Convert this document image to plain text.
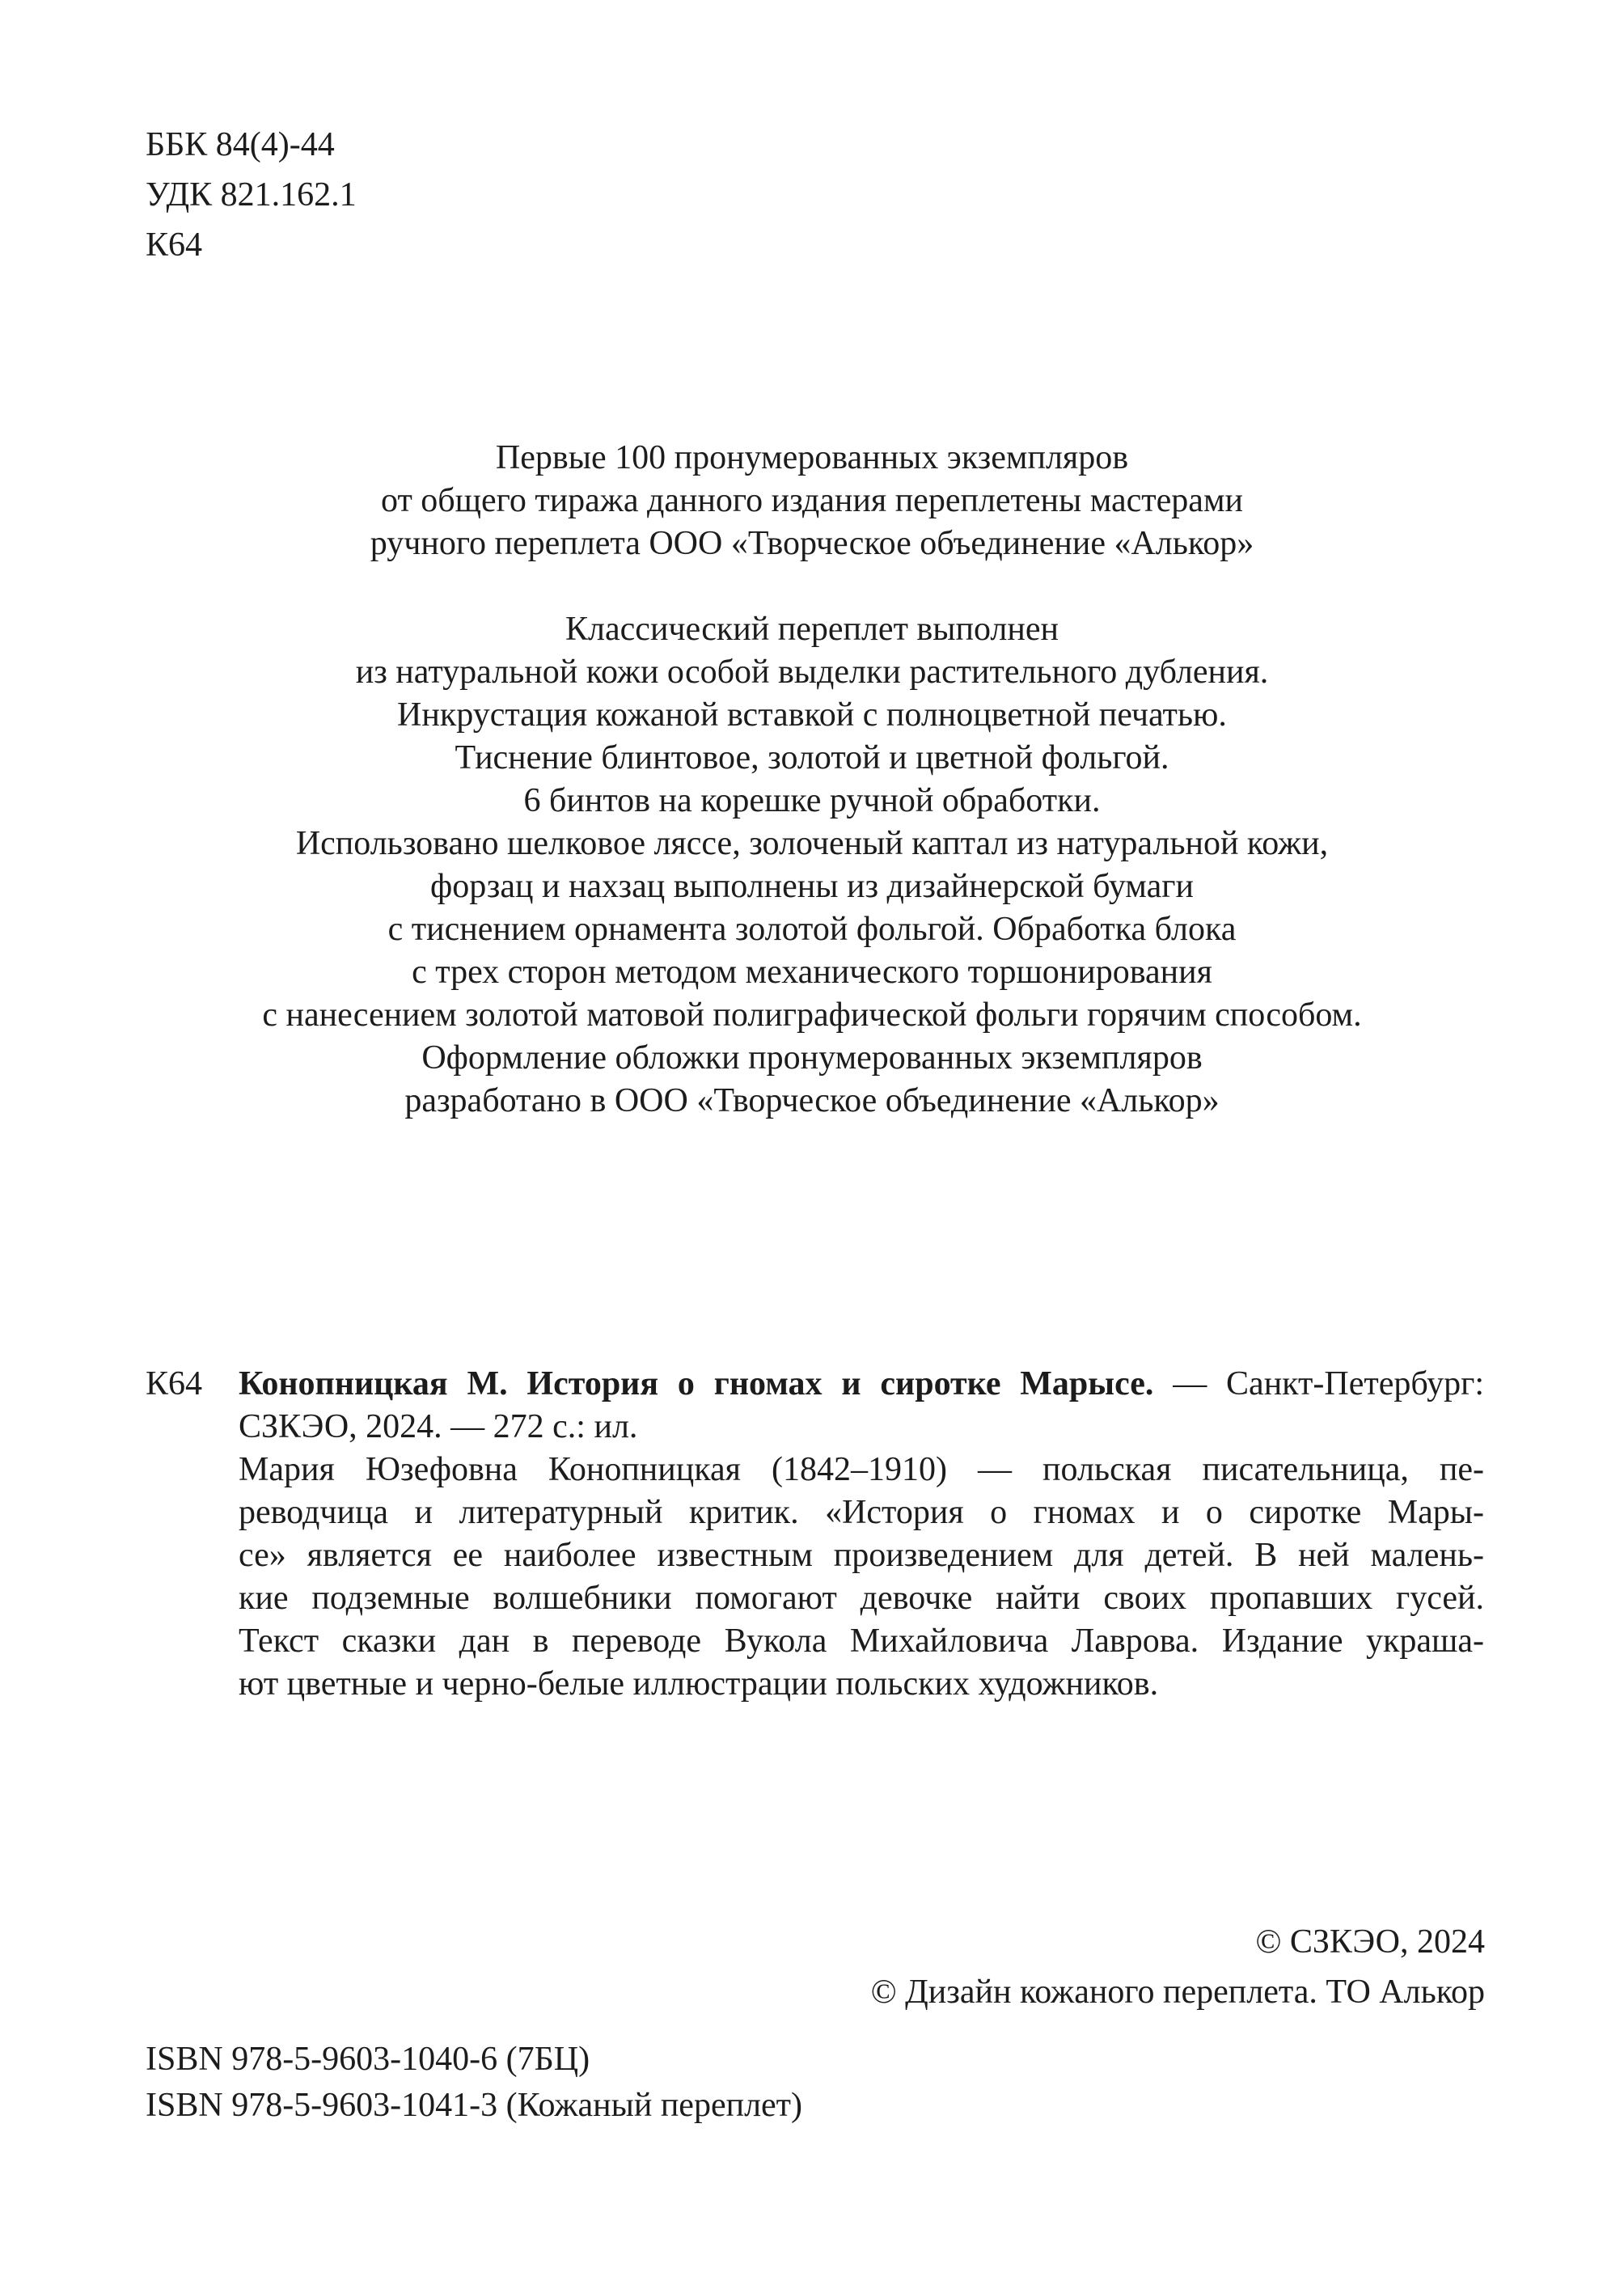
ББК 84(4)-44
УДК 821.162.1
К64
Первые 100 пронумерованных экземпляров
от общего тиража данного издания переплетены мастерами
ручного переплета ООО «Творческое объединение «Алькор»
Классический переплет выполнен
из натуральной кожи особой выделки растительного дубления.
Инкрустация кожаной вставкой с полноцветной печатью.
Тиснение блинтовое, золотой и цветной фольгой.
6 бинтов на корешке ручной обработки.
Использовано шелковое ляссе, золоченый каптал из натуральной кожи,
форзац и нахзац выполнены из дизайнерской бумаги
с тиснением орнамента золотой фольгой. Обработка блока
с трех сторон методом механического торшонирования
с нанесением золотой матовой полиграфической фольги горячим способом.
Оформление обложки пронумерованных экземпляров
разработано в ООО «Творческое объединение «Алькор»
К64 Конопницкая М. История о гномах и сиротке Марысе. — Санкт-Петербург:
СЗКЭО, 2024. — 272 с.: ил.
Мария Юзефовна Конопницкая (1842–1910) — польская писательница, пе-
реводчица и литературный критик. «История о гномах и о сиротке Мары-
се» является ее наиболее известным произведением для детей. В ней малень-
кие подземные волшебники помогают девочке найти своих пропавших гусей.
Текст сказки дан в переводе Вукола Михайловича Лаврова. Издание украша-
ют цветные и черно-белые иллюстрации польских художников.
© СЗКЭО, 2024
© Дизайн кожаного переплета. ТО Алькор
ISBN 978-5-9603-1040-6 (7БЦ)
ISBN 978-5-9603-1041-3 (Кожаный переплет)
